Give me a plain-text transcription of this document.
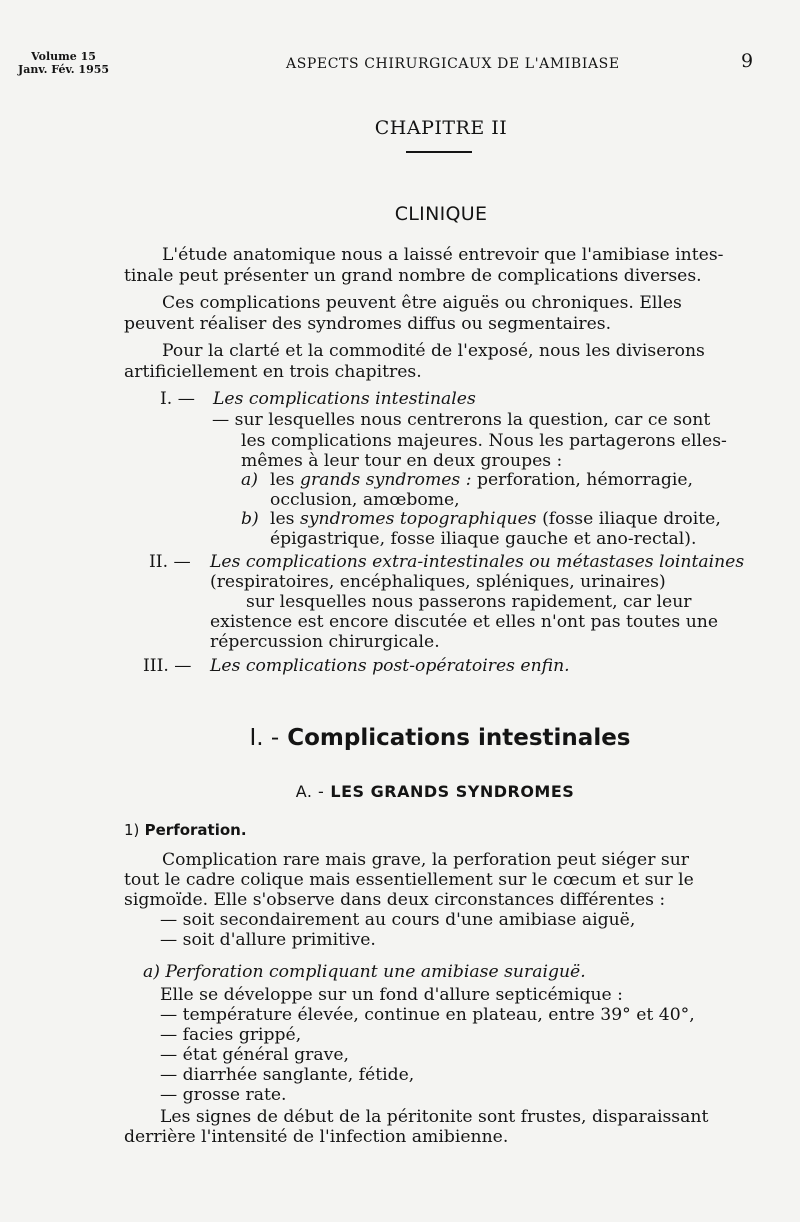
Volume 15
Janv. Fév. 1955	ASPECTS CHIRURGICAUX DE L'AMIBIASE	9
CHAPITRE II
CLINIQUE
L'étude anatomique nous a laissé entrevoir que l'amibiase intes-
tinale peut présenter un grand nombre de complications diverses.
Ces complications peuvent être aiguës ou chroniques. Elles
peuvent réaliser des syndromes diffus ou segmentaires.
Pour la clarté et la commodité de l'exposé, nous les diviserons
artificiellement en trois chapitres.
I. — Les complications intestinales
— sur lesquelles nous centrerons la question, car ce sont
les complications majeures. Nous les partagerons elles-
mêmes à leur tour en deux groupes :
a) les grands syndromes : perforation, hémorragie,
occlusion, amœbome,
b) les syndromes topographiques (fosse iliaque droite,
épigastrique, fosse iliaque gauche et ano-rectal).
II. — Les complications extra-intestinales ou métastases lointaines
(respiratoires, encéphaliques, spléniques, urinaires)
sur lesquelles nous passerons rapidement, car leur
existence est encore discutée et elles n'ont pas toutes une
répercussion chirurgicale.
III. — Les complications post-opératoires enfin.
I. - Complications intestinales
A. - LES GRANDS SYNDROMES
1) Perforation.
Complication rare mais grave, la perforation peut siéger sur
tout le cadre colique mais essentiellement sur le cœcum et sur le
sigmoïde. Elle s'observe dans deux circonstances différentes :
— soit secondairement au cours d'une amibiase aiguë,
— soit d'allure primitive.
a) Perforation compliquant une amibiase suraiguë.
Elle se développe sur un fond d'allure septicémique :
— température élevée, continue en plateau, entre 39° et 40°,
— facies grippé,
— état général grave,
— diarrhée sanglante, fétide,
— grosse rate.
Les signes de début de la péritonite sont frustes, disparaissant
derrière l'intensité de l'infection amibienne.
